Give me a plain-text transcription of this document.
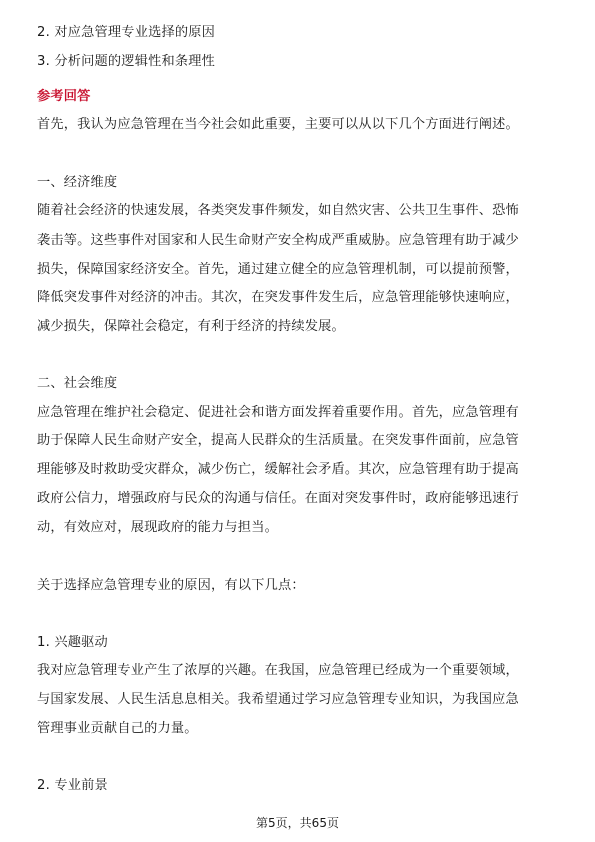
2. 对应急管理专业选择的原因
3. 分析问题的逻辑性和条理性
参考回答
首先，我认为应急管理在当今社会如此重要，主要可以从以下几个方面进行阐述。
一、经济维度
随着社会经济的快速发展，各类突发事件频发，如自然灾害、公共卫生事件、恐怖
袭击等。这些事件对国家和人民生命财产安全构成严重威胁。应急管理有助于减少
损失，保障国家经济安全。首先，通过建立健全的应急管理机制，可以提前预警，
降低突发事件对经济的冲击。其次，在突发事件发生后，应急管理能够快速响应，
减少损失，保障社会稳定，有利于经济的持续发展。
二、社会维度
应急管理在维护社会稳定、促进社会和谐方面发挥着重要作用。首先，应急管理有
助于保障人民生命财产安全，提高人民群众的生活质量。在突发事件面前，应急管
理能够及时救助受灾群众，减少伤亡，缓解社会矛盾。其次，应急管理有助于提高
政府公信力，增强政府与民众的沟通与信任。在面对突发事件时，政府能够迅速行
动，有效应对，展现政府的能力与担当。
关于选择应急管理专业的原因，有以下几点：
1. 兴趣驱动
我对应急管理专业产生了浓厚的兴趣。在我国，应急管理已经成为一个重要领域，
与国家发展、人民生活息息相关。我希望通过学习应急管理专业知识，为我国应急
管理事业贡献自己的力量。
2. 专业前景
第5页，共65页
